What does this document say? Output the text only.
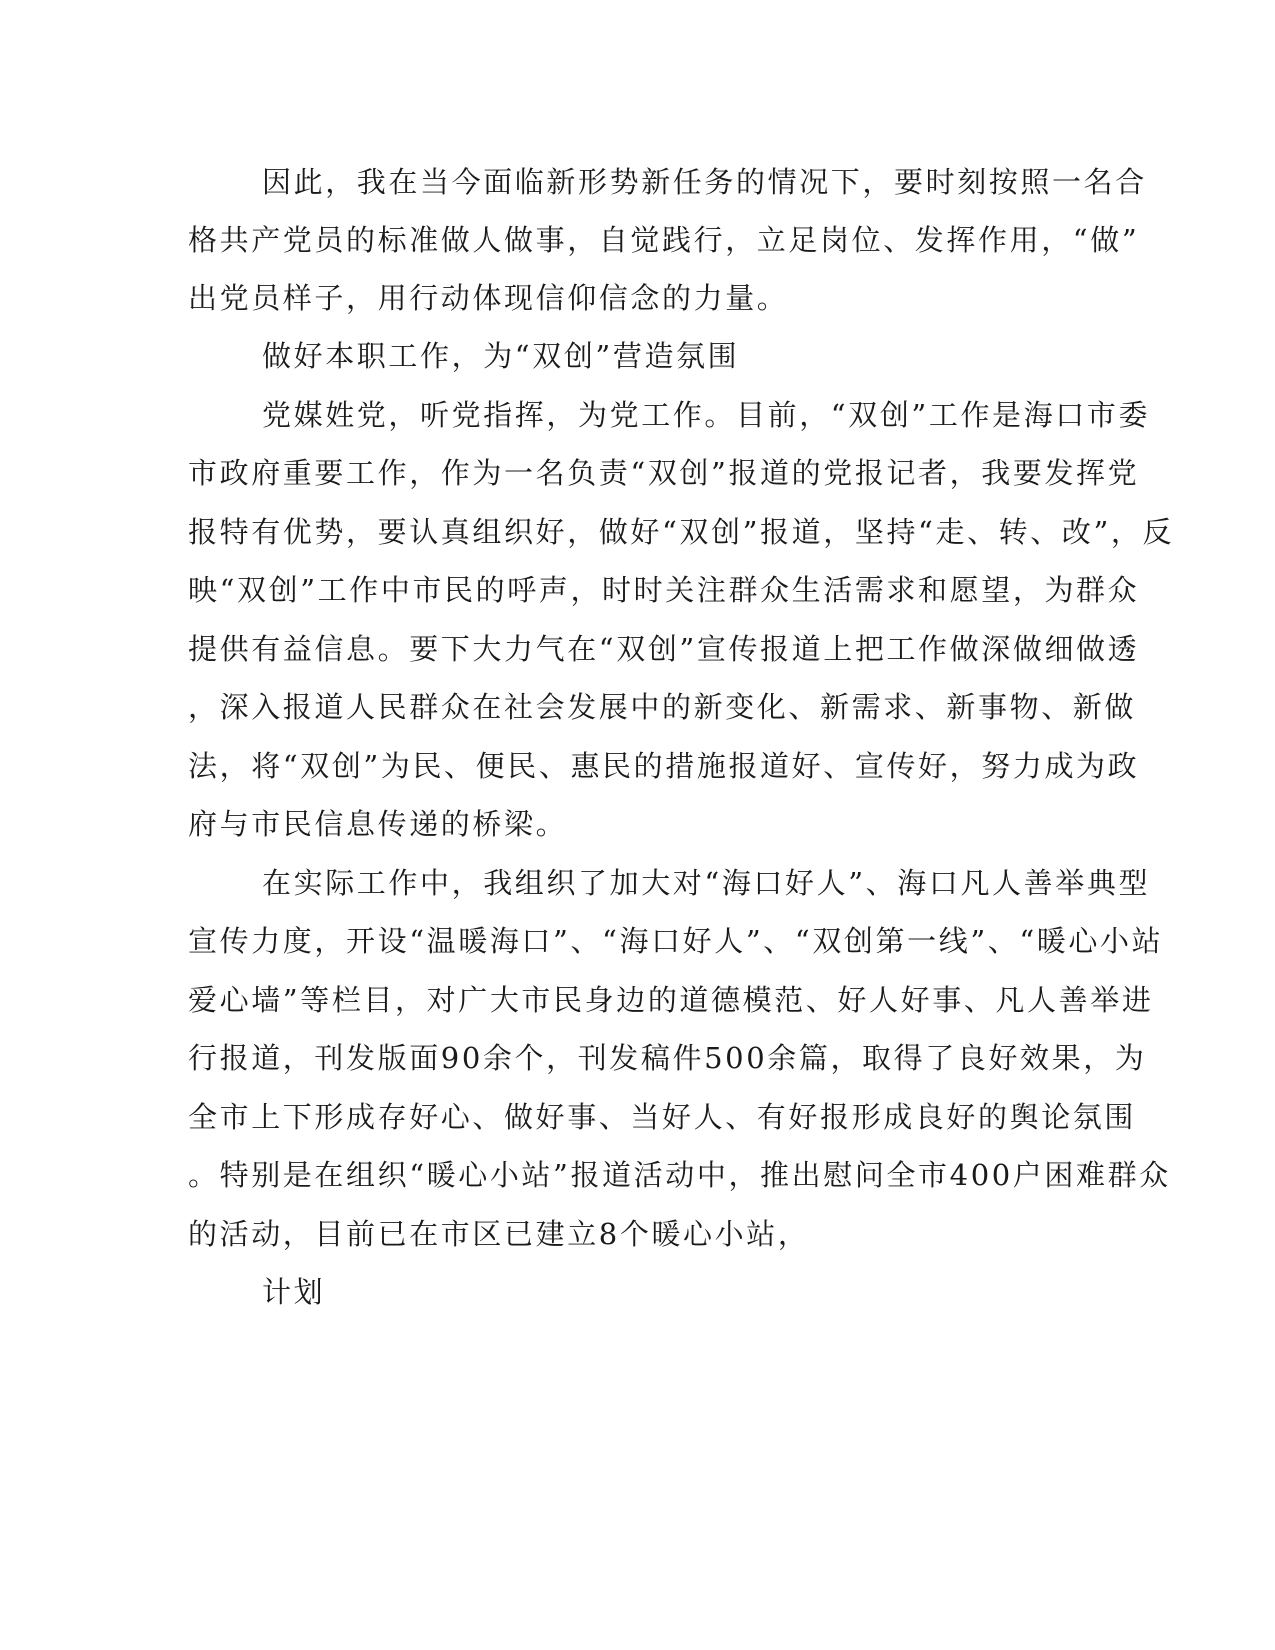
因此，我在当今面临新形势新任务的情况下，要时刻按照一名合
格共产党员的标准做人做事，自觉践行，立足岗位、发挥作用，“做”
出党员样子，用行动体现信仰信念的力量。
做好本职工作，为“双创”营造氛围
党媒姓党，听党指挥，为党工作。目前，“双创”工作是海口市委
市政府重要工作，作为一名负责“双创”报道的党报记者，我要发挥党
报特有优势，要认真组织好，做好“双创”报道，坚持“走、转、改”，反
映“双创”工作中市民的呼声，时时关注群众生活需求和愿望，为群众
提供有益信息。要下大力气在“双创”宣传报道上把工作做深做细做透
，深入报道人民群众在社会发展中的新变化、新需求、新事物、新做
法，将“双创”为民、便民、惠民的措施报道好、宣传好，努力成为政
府与市民信息传递的桥梁。
在实际工作中，我组织了加大对“海口好人”、海口凡人善举典型
宣传力度，开设“温暖海口”、“海口好人”、“双创第一线”、“暖心小站
爱心墙”等栏目，对广大市民身边的道德模范、好人好事、凡人善举进
行报道，刊发版面90余个，刊发稿件500余篇，取得了良好效果，为
全市上下形成存好心、做好事、当好人、有好报形成良好的舆论氛围
。特别是在组织“暖心小站”报道活动中，推出慰问全市400户困难群众
的活动，目前已在市区已建立8个暖心小站，
计划
